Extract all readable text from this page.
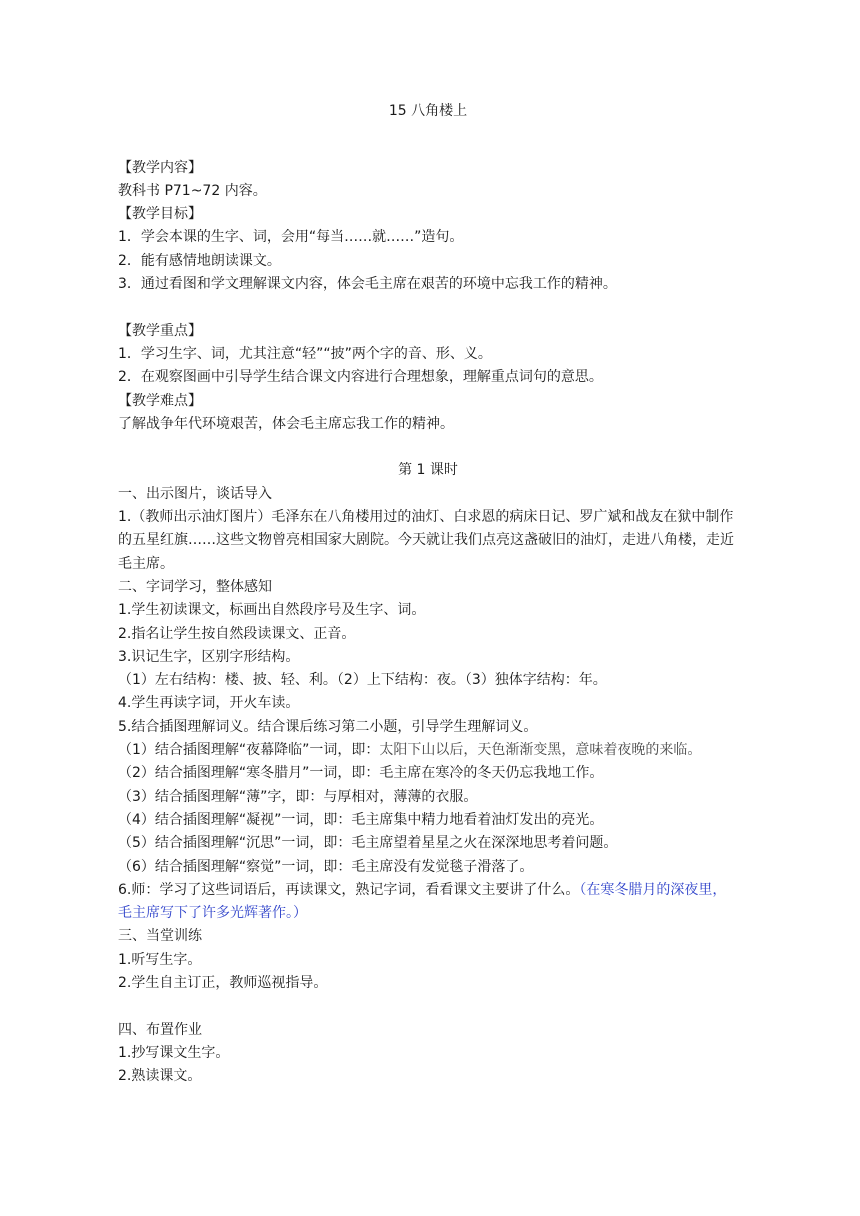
15 八角楼上
【教学内容】
教科书 P71~72 内容。
【教学目标】
1．学会本课的生字、词，会用“每当……就……”造句。
2．能有感情地朗读课文。
3．通过看图和学文理解课文内容，体会毛主席在艰苦的环境中忘我工作的精神。
【教学重点】
1．学习生字、词，尤其注意“轻”“披”两个字的音、形、义。
2．在观察图画中引导学生结合课文内容进行合理想象，理解重点词句的意思。
【教学难点】
了解战争年代环境艰苦，体会毛主席忘我工作的精神。
第 1 课时
一、出示图片，谈话导入
1.（教师出示油灯图片）毛泽东在八角楼用过的油灯、白求恩的病床日记、罗广斌和战友在狱中制作的五星红旗……这些文物曾亮相国家大剧院。今天就让我们点亮这盏破旧的油灯，走进八角楼，走近毛主席。
二、字词学习，整体感知
1.学生初读课文，标画出自然段序号及生字、词。
2.指名让学生按自然段读课文、正音。
3.识记生字，区别字形结构。
（1）左右结构：楼、披、轻、利。（2）上下结构：夜。（3）独体字结构：年。
4.学生再读字词，开火车读。
5.结合插图理解词义。结合课后练习第二小题，引导学生理解词义。
（1）结合插图理解“夜幕降临”一词，即：太阳下山以后，天色渐渐变黑，意味着夜晚的来临。
（2）结合插图理解“寒冬腊月”一词，即：毛主席在寒冷的冬天仍忘我地工作。
（3）结合插图理解“薄”字，即：与厚相对，薄薄的衣服。
（4）结合插图理解“凝视”一词，即：毛主席集中精力地看着油灯发出的亮光。
（5）结合插图理解“沉思”一词，即：毛主席望着星星之火在深深地思考着问题。
（6）结合插图理解“察觉”一词，即：毛主席没有发觉毯子滑落了。
6.师：学习了这些词语后，再读课文，熟记字词，看看课文主要讲了什么。（在寒冬腊月的深夜里，毛主席写下了许多光辉著作。）
三、当堂训练
1.听写生字。
2.学生自主订正，教师巡视指导。
四、布置作业
1.抄写课文生字。
2.熟读课文。
